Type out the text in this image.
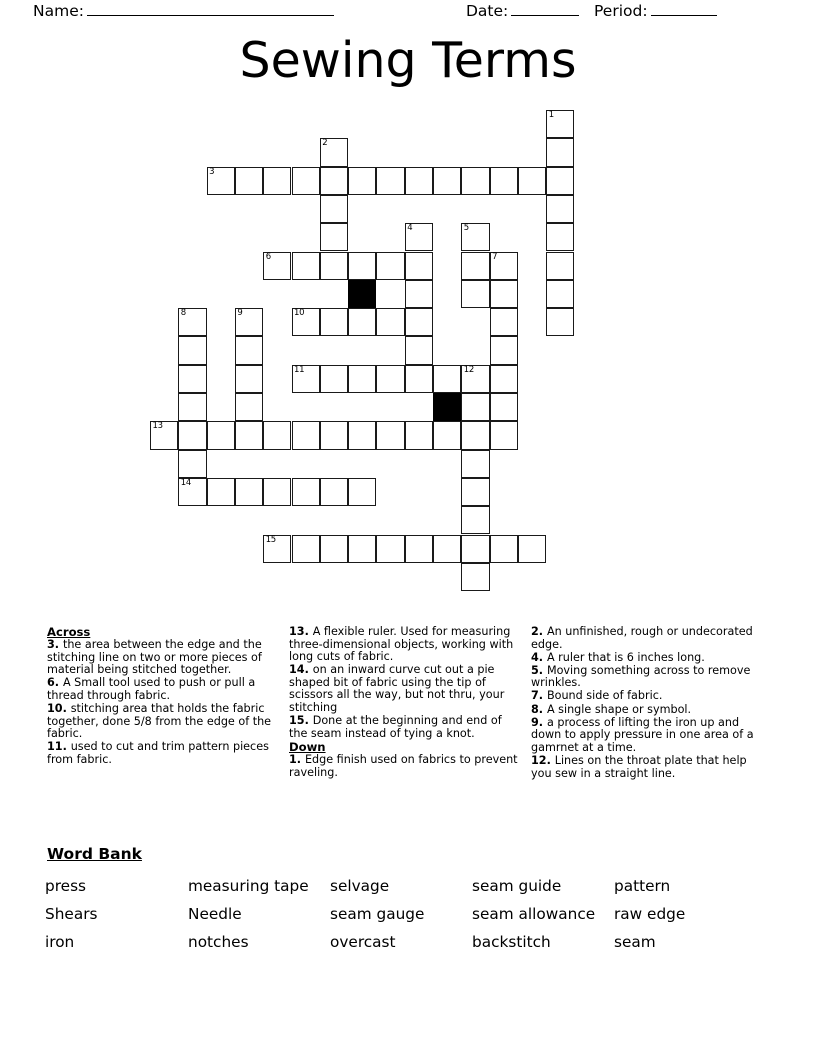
Name:	Date:	Period:
Sewing Terms
1
2
3
4	5
6	7
8	9	10
11	12
13
14
15
Across
3. the area between the edge and the stitching line on two or more pieces of material being stitched together.
6. A Small tool used to push or pull a thread through fabric.
10. stitching area that holds the fabric together, done 5/8 from the edge of the fabric.
11. used to cut and trim pattern pieces from fabric.
13. A flexible ruler. Used for measuring three-dimensional objects, working with long cuts of fabric.
14. on an inward curve cut out a pie shaped bit of fabric using the tip of scissors all the way, but not thru, your stitching
15. Done at the beginning and end of the seam instead of tying a knot.
Down
1. Edge finish used on fabrics to prevent raveling.
2. An unfinished, rough or undecorated edge.
4. A ruler that is 6 inches long.
5. Moving something across to remove wrinkles.
7. Bound side of fabric.
8. A single shape or symbol.
9. a process of lifting the iron up and down to apply pressure in one area of a gamrnet at a time.
12. Lines on the throat plate that help you sew in a straight line.
Word Bank
press	measuring tape	selvage	seam guide	pattern
Shears	Needle	seam gauge	seam allowance	raw edge
iron	notches	overcast	backstitch	seam
